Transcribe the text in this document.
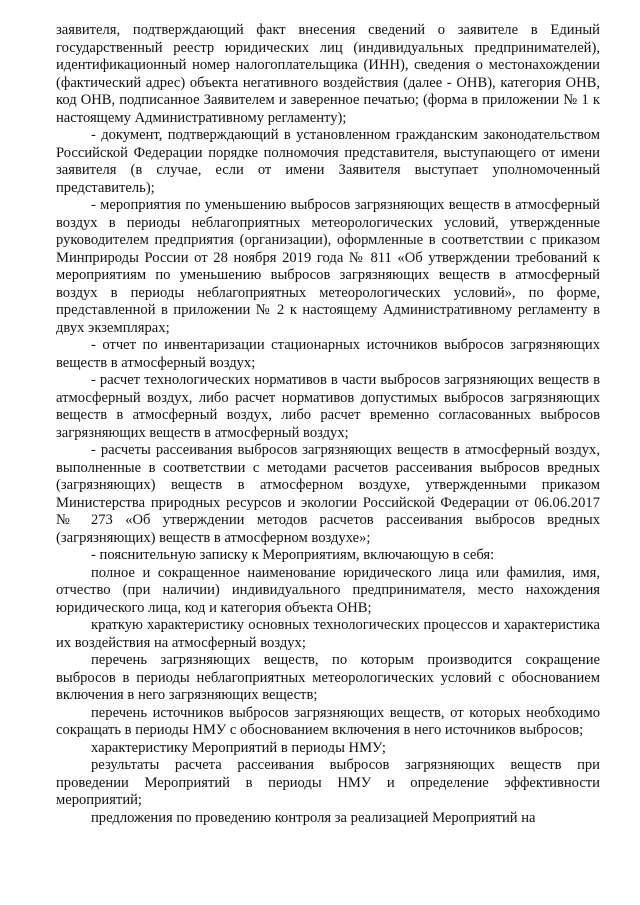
заявителя, подтверждающий факт внесения сведений о заявителе в Единый государственный реестр юридических лиц (индивидуальных предпринимателей), идентификационный номер налогоплательщика (ИНН), сведения о местонахождении (фактический адрес) объекта негативного воздействия (далее - ОНВ), категория ОНВ, код ОНВ, подписанное Заявителем и заверенное печатью; (форма в приложении № 1 к настоящему Административному регламенту);

- документ, подтверждающий в установленном гражданским законодательством Российской Федерации порядке полномочия представителя, выступающего от имени заявителя (в случае, если от имени Заявителя выступает уполномоченный представитель);

- мероприятия по уменьшению выбросов загрязняющих веществ в атмосферный воздух в периоды неблагоприятных метеорологических условий, утвержденные руководителем предприятия (организации), оформленные в соответствии с приказом Минприроды России от 28 ноября 2019 года № 811 «Об утверждении требований к мероприятиям по уменьшению выбросов загрязняющих веществ в атмосферный воздух в периоды неблагоприятных метеорологических условий», по форме, представленной в приложении № 2 к настоящему Административному регламенту в двух экземплярах;

- отчет по инвентаризации стационарных источников выбросов загрязняющих веществ в атмосферный воздух;

- расчет технологических нормативов в части выбросов загрязняющих веществ в атмосферный воздух, либо расчет нормативов допустимых выбросов загрязняющих веществ в атмосферный воздух, либо расчет временно согласованных выбросов загрязняющих веществ в атмосферный воздух;

- расчеты рассеивания выбросов загрязняющих веществ в атмосферный воздух, выполненные в соответствии с методами расчетов рассеивания выбросов вредных (загрязняющих) веществ в атмосферном воздухе, утвержденными приказом Министерства природных ресурсов и экологии Российской Федерации от 06.06.2017 № 273 «Об утверждении методов расчетов рассеивания выбросов вредных (загрязняющих) веществ в атмосферном воздухе»;

- пояснительную записку к Мероприятиям, включающую в себя:

полное и сокращенное наименование юридического лица или фамилия, имя, отчество (при наличии) индивидуального предпринимателя, место нахождения юридического лица, код и категория объекта ОНВ;

краткую характеристику основных технологических процессов и характеристика их воздействия на атмосферный воздух;

перечень загрязняющих веществ, по которым производится сокращение выбросов в периоды неблагоприятных метеорологических условий с обоснованием включения в него загрязняющих веществ;

перечень источников выбросов загрязняющих веществ, от которых необходимо сокращать в периоды НМУ с обоснованием включения в него источников выбросов;

характеристику Мероприятий в периоды НМУ;

результаты расчета рассеивания выбросов загрязняющих веществ при проведении Мероприятий в периоды НМУ и определение эффективности мероприятий;

предложения по проведению контроля за реализацией Мероприятий на
